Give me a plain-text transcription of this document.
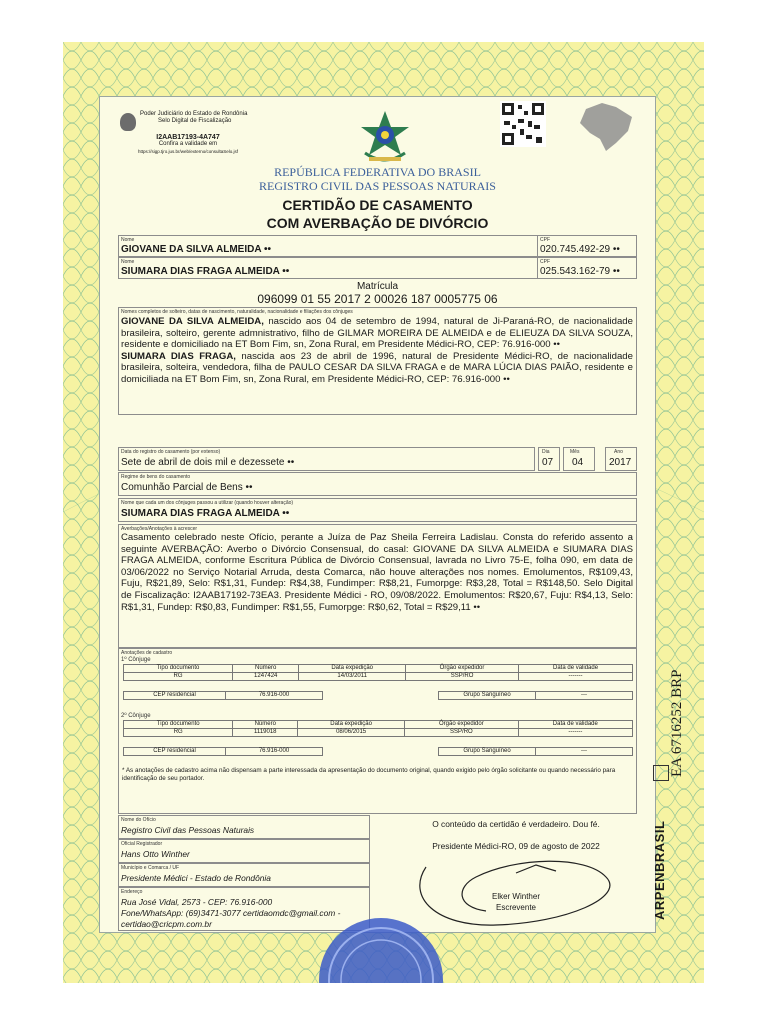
Poder Judiciário do Estado de Rondônia
Selo Digital de Fiscalização
I2AAB17193-4A747
Confira a validade em
https://sigp.tjro.jus.br/web/externo/consultaSelo.jsf
REPÚBLICA FEDERATIVA DO BRASIL
REGISTRO CIVIL DAS PESSOAS NATURAIS
CERTIDÃO DE CASAMENTO
COM AVERBAÇÃO DE DIVÓRCIO
Nome
GIOVANE DA SILVA ALMEIDA ••
CPF
020.745.492-29 ••
Nome
SIUMARA DIAS FRAGA ALMEIDA ••
CPF
025.543.162-79 ••
Matrícula
096099 01 55 2017 2 00026 187 0005775 06
Nomes completos de solteiro, datas de nascimento, naturalidade, nacionalidade e filiações dos cônjuges
GIOVANE DA SILVA ALMEIDA, nascido aos 04 de setembro de 1994, natural de Ji-Paraná-RO, de nacionalidade brasileira, solteiro, gerente admnistrativo, filho de GILMAR MOREIRA DE ALMEIDA e de ELIEUZA DA SILVA SOUZA, residente e domiciliado na ET Bom Fim, sn, Zona Rural, em Presidente Médici-RO, CEP: 76.916-000 ••
SIUMARA DIAS FRAGA, nascida aos 23 de abril de 1996, natural de Presidente Médici-RO, de nacionalidade brasileira, solteira, vendedora, filha de PAULO CESAR DA SILVA FRAGA e de MARA LÚCIA DIAS PAIÃO, residente e domiciliada na ET Bom Fim, sn, Zona Rural, em Presidente Médici-RO, CEP: 76.916-000 ••
Data do registro do casamento (por extenso)
Sete de abril de dois mil e dezessete ••
Dia
07
Mês
04
Ano
2017
Regime de bens do casamento
Comunhão Parcial de Bens ••
Nome que cada um dos cônjuges passou a utilizar (quando houver alteração)
SIUMARA DIAS FRAGA ALMEIDA ••
Averbações/Anotações à acrescer
Casamento celebrado neste Ofício, perante a Juíza de Paz Sheila Ferreira Ladislau. Consta do referido assento a seguinte AVERBAÇÃO: Averbo o Divórcio Consensual, do casal: GIOVANE DA SILVA ALMEIDA e SIUMARA DIAS FRAGA ALMEIDA, conforme Escritura Pública de Divórcio Consensual, lavrada no Livro 75-E, folha 090, em data de 03/06/2022 no Serviço Notarial Arruda, desta Comarca, não houve alterações nos nomes. Emolumentos, R$109,43, Fuju, R$21,89, Selo: R$1,31, Fundep: R$4,38, Fundimper: R$8,21, Fumorpge: R$3,28, Total = R$148,50. Selo Digital de Fiscalização: I2AAB17192-73EA3. Presidente Médici - RO, 09/08/2022. Emolumentos: R$20,67, Fuju: R$4,13, Selo: R$1,31, Fundep: R$0,83, Fundimper: R$1,55, Fumorpge: R$0,62, Total = R$29,11 ••
Anotações de cadastro
1º Cônjuge
Tipo documento	Número	Data expedição	Órgão expedidor	Data de validade
RG	1247424	14/03/2011	SSP/RO	-------
CEP residencial	76.916-000		Grupo Sanguíneo	---
2º Cônjuge
Tipo documento	Número	Data expedição	Órgão expedidor	Data de validade
RG	1119018	08/06/2015	SSP/RO	-------
CEP residencial	76.916-000		Grupo Sanguíneo	---
* As anotações de cadastro acima não dispensam a parte interessada da apresentação do documento original, quando exigido pelo órgão solicitante ou quando necessário para identificação de seu portador.
Nome do Ofício
Registro Civil das Pessoas Naturais
Oficial Registrador
Hans Otto Winther
Município e Comarca / UF
Presidente Médici - Estado de Rondônia
Endereço
Rua José Vidal, 2573 - CEP: 76.916-000
Fone/WhatsApp: (69)3471-3077 certidaomdc@gmail.com -
certidao@cricpm.com.br
O conteúdo da certidão é verdadeiro. Dou fé.
Presidente Médici-RO, 09 de agosto de 2022
Elker Winther
Escrevente	ARPENBRASIL
EA 6716252 BRP
